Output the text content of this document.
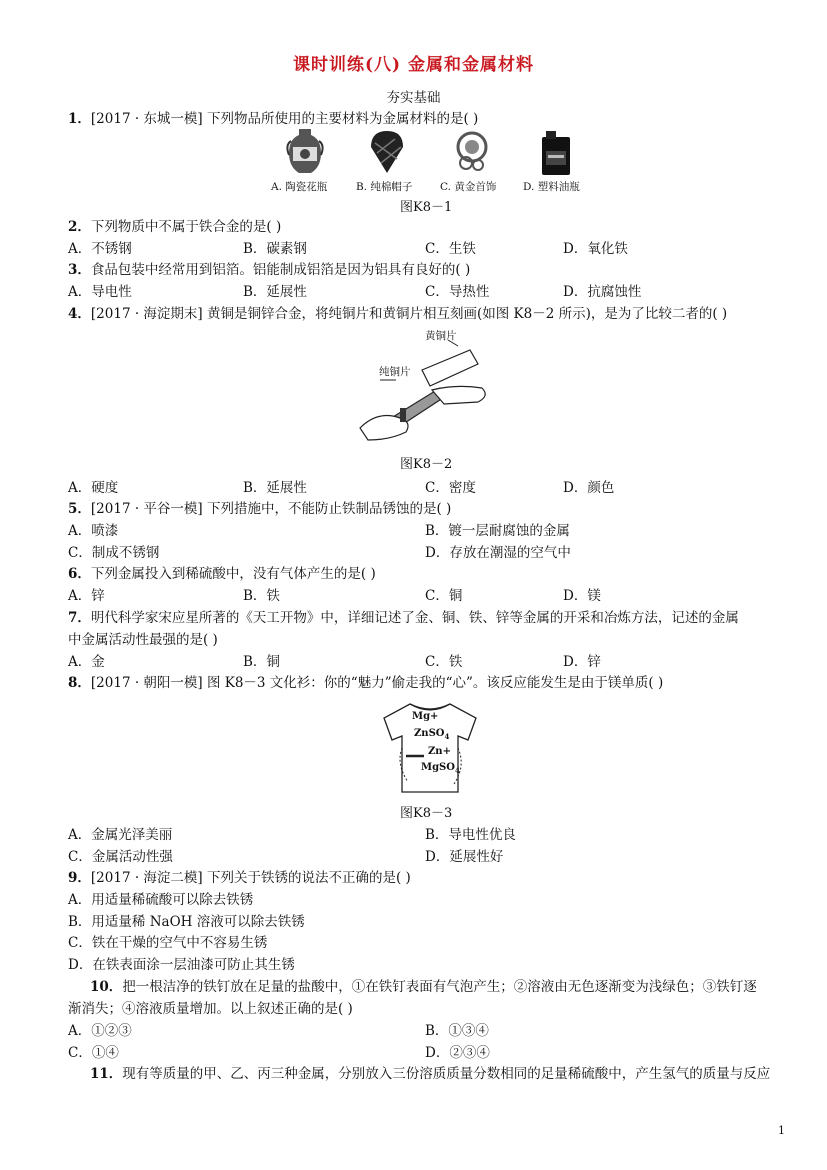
课时训练(八) 金属和金属材料
夯实基础
1．[2017 · 东城一模] 下列物品所使用的主要材料为金属材料的是( )
A. 陶瓷花瓶	B. 纯棉帽子	C. 黄金首饰	D. 塑料油瓶
图K8－1
2．下列物质中不属于铁合金的是( )
A．不锈钢	B．碳素钢	C．生铁	D．氧化铁
3．食品包装中经常用到铝箔。铝能制成铝箔是因为铝具有良好的( )
A．导电性	B．延展性	C．导热性	D．抗腐蚀性
4．[2017 · 海淀期末] 黄铜是铜锌合金，将纯铜片和黄铜片相互刻画(如图 K8－2 所示)，是为了比较二者的( )
黄铜片
纯铜片
图K8－2
A．硬度	B．延展性	C．密度	D．颜色
5．[2017 · 平谷一模] 下列措施中，不能防止铁制品锈蚀的是( )
A．喷漆	B．镀一层耐腐蚀的金属
C．制成不锈钢	D．存放在潮湿的空气中
6．下列金属投入到稀硫酸中，没有气体产生的是( )
A．锌	B．铁	C．铜	D．镁
7．明代科学家宋应星所著的《天工开物》中，详细记述了金、铜、铁、锌等金属的开采和冶炼方法，记述的金属
中金属活动性最强的是( )
A．金	B．铜	C．铁	D．锌
8．[2017 · 朝阳一模] 图 K8－3 文化衫：你的“魅力”偷走我的“心”。该反应能发生是由于镁单质( )
Mg+
ZnSO$_4$
Zn+
MgSO$_4$
图K8－3
A．金属光泽美丽	B．导电性优良
C．金属活动性强	D．延展性好
9．[2017 · 海淀二模] 下列关于铁锈的说法不正确的是( )
A．用适量稀硫酸可以除去铁锈
B．用适量稀 NaOH 溶液可以除去铁锈
C．铁在干燥的空气中不容易生锈
D．在铁表面涂一层油漆可防止其生锈
10．把一根洁净的铁钉放在足量的盐酸中，①在铁钉表面有气泡产生；②溶液由无色逐渐变为浅绿色；③铁钉逐
渐消失；④溶液质量增加。以上叙述正确的是( )
A．①②③	B．①③④
C．①④	D．②③④
11．现有等质量的甲、乙、丙三种金属，分别放入三份溶质质量分数相同的足量稀硫酸中，产生氢气的质量与反应
1
